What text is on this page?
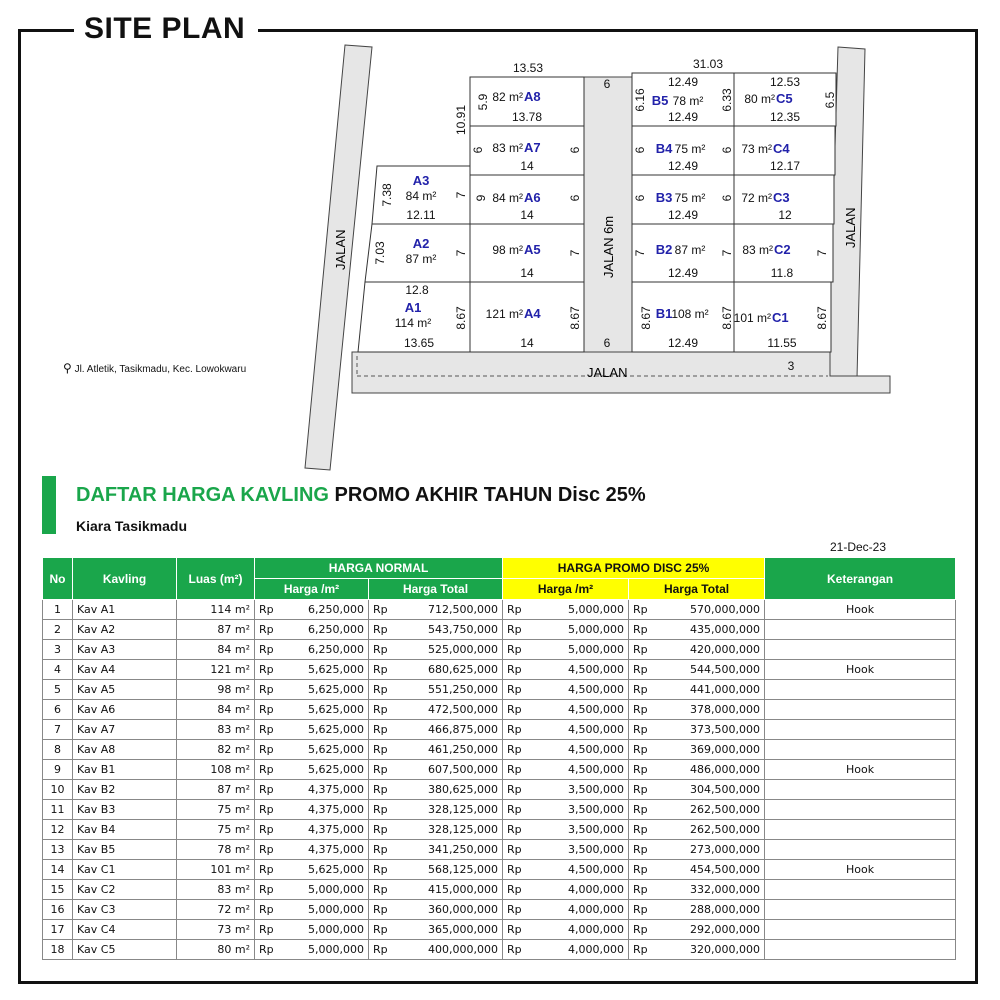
SITE PLAN
JALAN
JALAN
JALAN 6m
JALAN
82 m² A8
83 m² A7
84 m² A6
98 m² A5
121 m² A4
84 m²
A3
87 m²
A2
114 m²
A1
78 m²
B5
75 m²
B4
75 m²
B3
87 m²
B2
108 m²
B1
80 m² C5
73 m² C4
72 m² C3
83 m² C2
101 m² C1
13.53	31.03
12.49	12.53
6
6.16	6.33	6.5
12.49	12.35
10.91
5.9
13.78
6	6
14
6	6
12.49	12.17
7.38	7 9	6	6	6
12.11	14	12.49	12
7.03	7	7	7	7	7
12.8
14	12.49	11.8
8.67	8.67	8.67	8.67	8.67
13.65	14	12.49	11.55
6
3
⚲ Jl. Atletik, Tasikmadu, Kec. Lowokwaru
DAFTAR HARGA KAVLING PROMO AKHIR TAHUN Disc 25%
Kiara Tasikmadu
21-Dec-23
No	Kavling	Luas (m²)	HARGA NORMAL		HARGA PROMO DISC 25%		Keterangan
			Harga /m²	Harga Total	Harga /m²	Harga Total	
1	Kav A1	114 m²	Rp 6,250,000	Rp 712,500,000	Rp 5,000,000	Rp 570,000,000	Hook
2	Kav A2	87 m²	Rp 6,250,000	Rp 543,750,000	Rp 5,000,000	Rp 435,000,000	
3	Kav A3	84 m²	Rp 6,250,000	Rp 525,000,000	Rp 5,000,000	Rp 420,000,000	
4	Kav A4	121 m²	Rp 5,625,000	Rp 680,625,000	Rp 4,500,000	Rp 544,500,000	Hook
5	Kav A5	98 m²	Rp 5,625,000	Rp 551,250,000	Rp 4,500,000	Rp 441,000,000	
6	Kav A6	84 m²	Rp 5,625,000	Rp 472,500,000	Rp 4,500,000	Rp 378,000,000	
7	Kav A7	83 m²	Rp 5,625,000	Rp 466,875,000	Rp 4,500,000	Rp 373,500,000	
8	Kav A8	82 m²	Rp 5,625,000	Rp 461,250,000	Rp 4,500,000	Rp 369,000,000	
9	Kav B1	108 m²	Rp 5,625,000	Rp 607,500,000	Rp 4,500,000	Rp 486,000,000	Hook
10	Kav B2	87 m²	Rp 4,375,000	Rp 380,625,000	Rp 3,500,000	Rp 304,500,000	
11	Kav B3	75 m²	Rp 4,375,000	Rp 328,125,000	Rp 3,500,000	Rp 262,500,000	
12	Kav B4	75 m²	Rp 4,375,000	Rp 328,125,000	Rp 3,500,000	Rp 262,500,000	
13	Kav B5	78 m²	Rp 4,375,000	Rp 341,250,000	Rp 3,500,000	Rp 273,000,000	
14	Kav C1	101 m²	Rp 5,625,000	Rp 568,125,000	Rp 4,500,000	Rp 454,500,000	Hook
15	Kav C2	83 m²	Rp 5,000,000	Rp 415,000,000	Rp 4,000,000	Rp 332,000,000	
16	Kav C3	72 m²	Rp 5,000,000	Rp 360,000,000	Rp 4,000,000	Rp 288,000,000	
17	Kav C4	73 m²	Rp 5,000,000	Rp 365,000,000	Rp 4,000,000	Rp 292,000,000	
18	Kav C5	80 m²	Rp 5,000,000	Rp 400,000,000	Rp 4,000,000	Rp 320,000,000	
